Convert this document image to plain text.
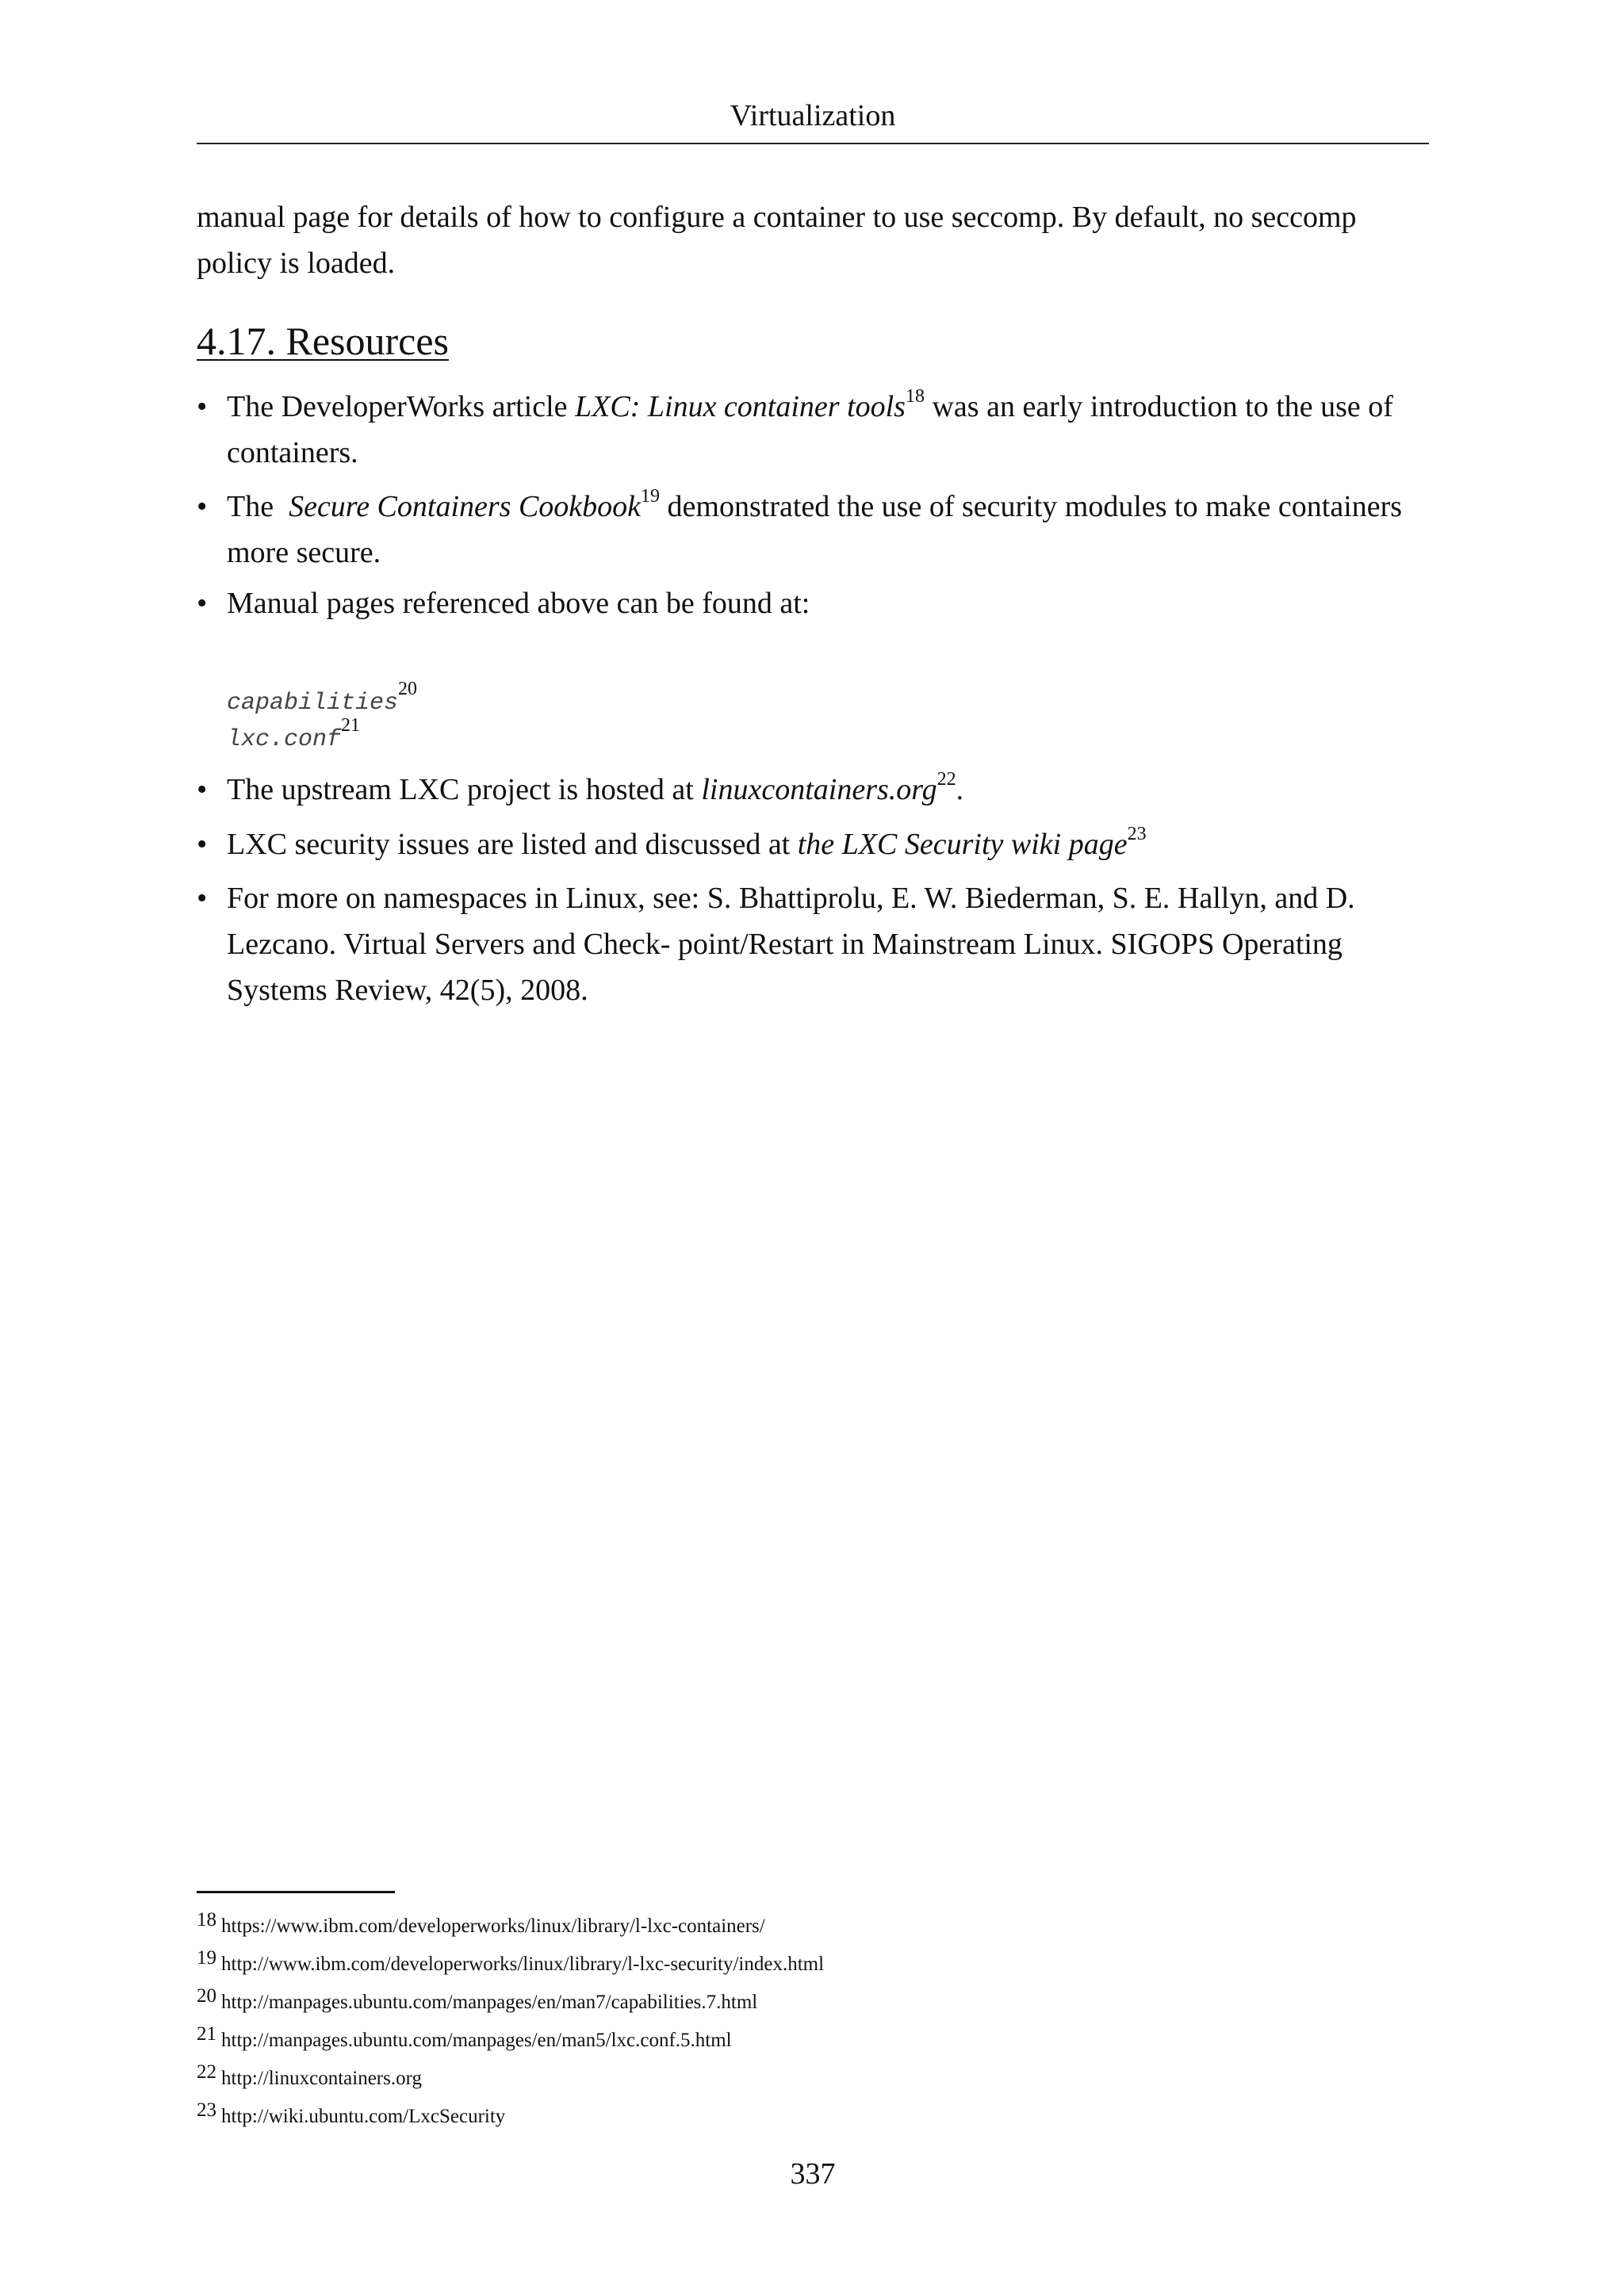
Virtualization

manual page for details of how to configure a container to use seccomp. By default, no seccomp policy is loaded.

4.17. Resources

• The DeveloperWorks article LXC: Linux container tools$^{18}$ was an early introduction to the use of containers.

• The  Secure Containers Cookbook$^{19}$ demonstrated the use of security modules to make containers more secure.

• Manual pages referenced above can be found at:

capabilities$^{20}$
lxc.conf$^{21}$

• The upstream LXC project is hosted at linuxcontainers.org$^{22}$.

• LXC security issues are listed and discussed at the LXC Security wiki page$^{23}$

• For more on namespaces in Linux, see: S. Bhattiprolu, E. W. Biederman, S. E. Hallyn, and D. Lezcano. Virtual Servers and Check- point/Restart in Mainstream Linux. SIGOPS Operating Systems Review, 42(5), 2008.

18 https://www.ibm.com/developerworks/linux/library/l-lxc-containers/
19 http://www.ibm.com/developerworks/linux/library/l-lxc-security/index.html
20 http://manpages.ubuntu.com/manpages/en/man7/capabilities.7.html
21 http://manpages.ubuntu.com/manpages/en/man5/lxc.conf.5.html
22 http://linuxcontainers.org
23 http://wiki.ubuntu.com/LxcSecurity
337
